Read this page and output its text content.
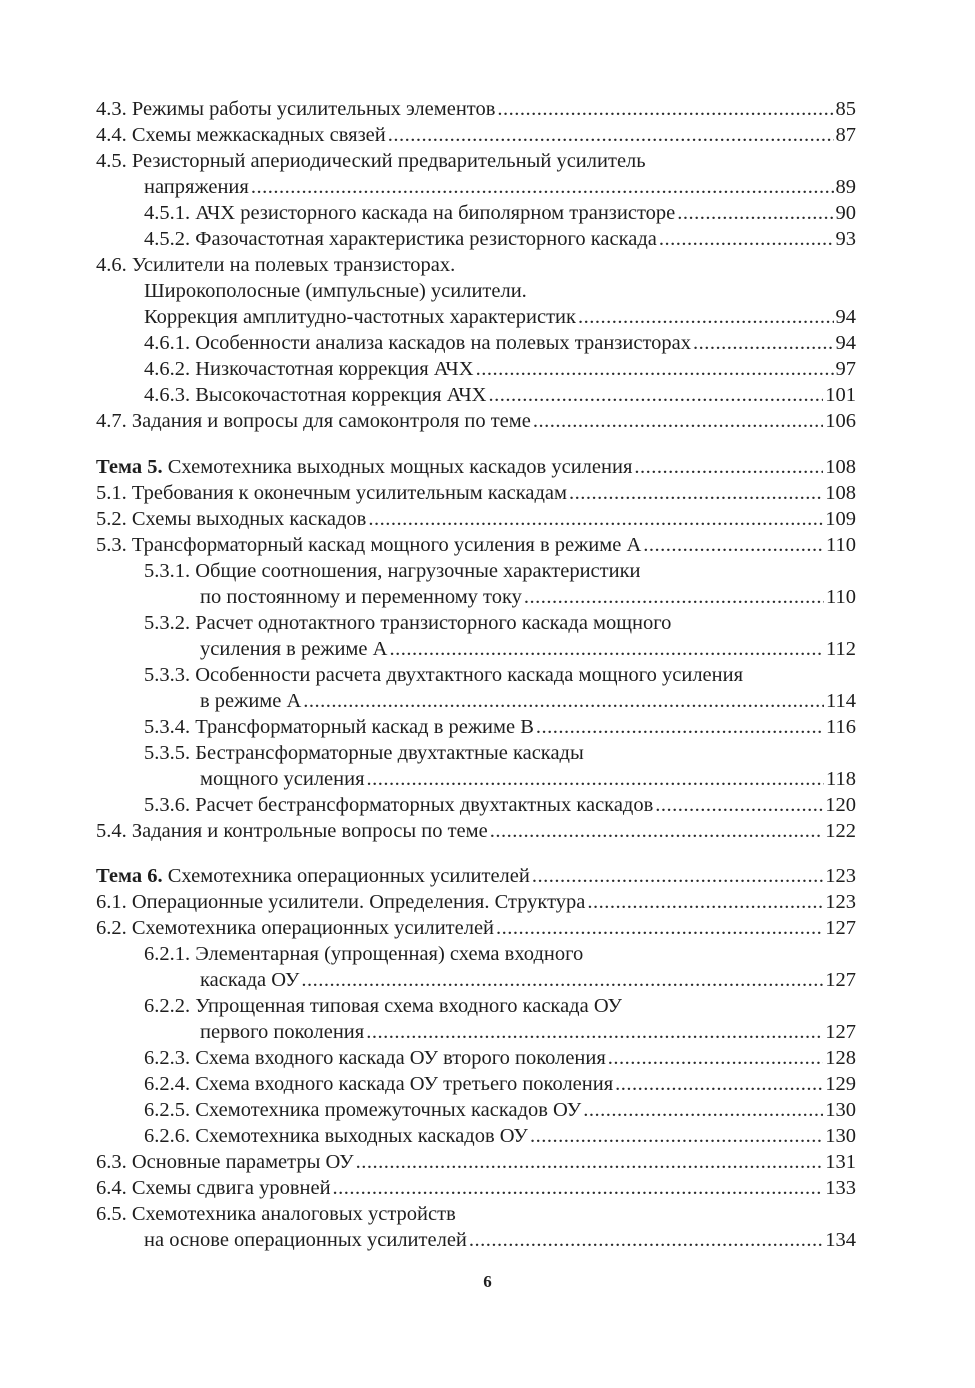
4.3. Режимы работы усилительных элементов .....	85
4.4. Схемы межкаскадных связей .....	87
4.5. Резисторный апериодический предварительный усилитель
напряжения .....	89
4.5.1. АЧХ резисторного каскада на биполярном транзисторе .....	90
4.5.2. Фазочастотная характеристика резисторного каскада .....	93
4.6. Усилители на полевых транзисторах.
Широкополосные (импульсные) усилители.
Коррекция амплитудно-частотных характеристик .....	94
4.6.1. Особенности анализа каскадов на полевых транзисторах .....	94
4.6.2. Низкочастотная коррекция АЧХ .....	97
4.6.3. Высокочастотная коррекция АЧХ .....	101
4.7. Задания и вопросы для самоконтроля по теме .....	106
Тема 5. Схемотехника выходных мощных каскадов усиления .....	108
5.1. Требования к оконечным усилительным каскадам .....	108
5.2. Схемы выходных каскадов .....	109
5.3. Трансформаторный каскад мощного усиления в режиме А .....	110
5.3.1. Общие соотношения, нагрузочные характеристики
по постоянному и переменному току .....	110
5.3.2. Расчет однотактного транзисторного каскада мощного
усиления в режиме А .....	112
5.3.3. Особенности расчета двухтактного каскада мощного усиления
в режиме А .....	114
5.3.4. Трансформаторный каскад в режиме В .....	116
5.3.5. Бестрансформаторные двухтактные каскады
мощного усиления .....	118
5.3.6. Расчет бестрансформаторных двухтактных каскадов .....	120
5.4. Задания и контрольные вопросы по теме .....	122
Тема 6. Схемотехника операционных усилителей .....	123
6.1. Операционные усилители. Определения. Структура .....	123
6.2. Схемотехника операционных усилителей .....	127
6.2.1. Элементарная (упрощенная) схема входного
каскада ОУ .....	127
6.2.2. Упрощенная типовая схема входного каскада ОУ
первого поколения .....	127
6.2.3. Схема входного каскада ОУ второго поколения .....	128
6.2.4. Схема входного каскада ОУ третьего поколения .....	129
6.2.5. Схемотехника промежуточных каскадов ОУ .....	130
6.2.6. Схемотехника выходных каскадов ОУ .....	130
6.3. Основные параметры ОУ .....	131
6.4. Схемы сдвига уровней .....	133
6.5. Схемотехника аналоговых устройств
на основе операционных усилителей .....	134
6
